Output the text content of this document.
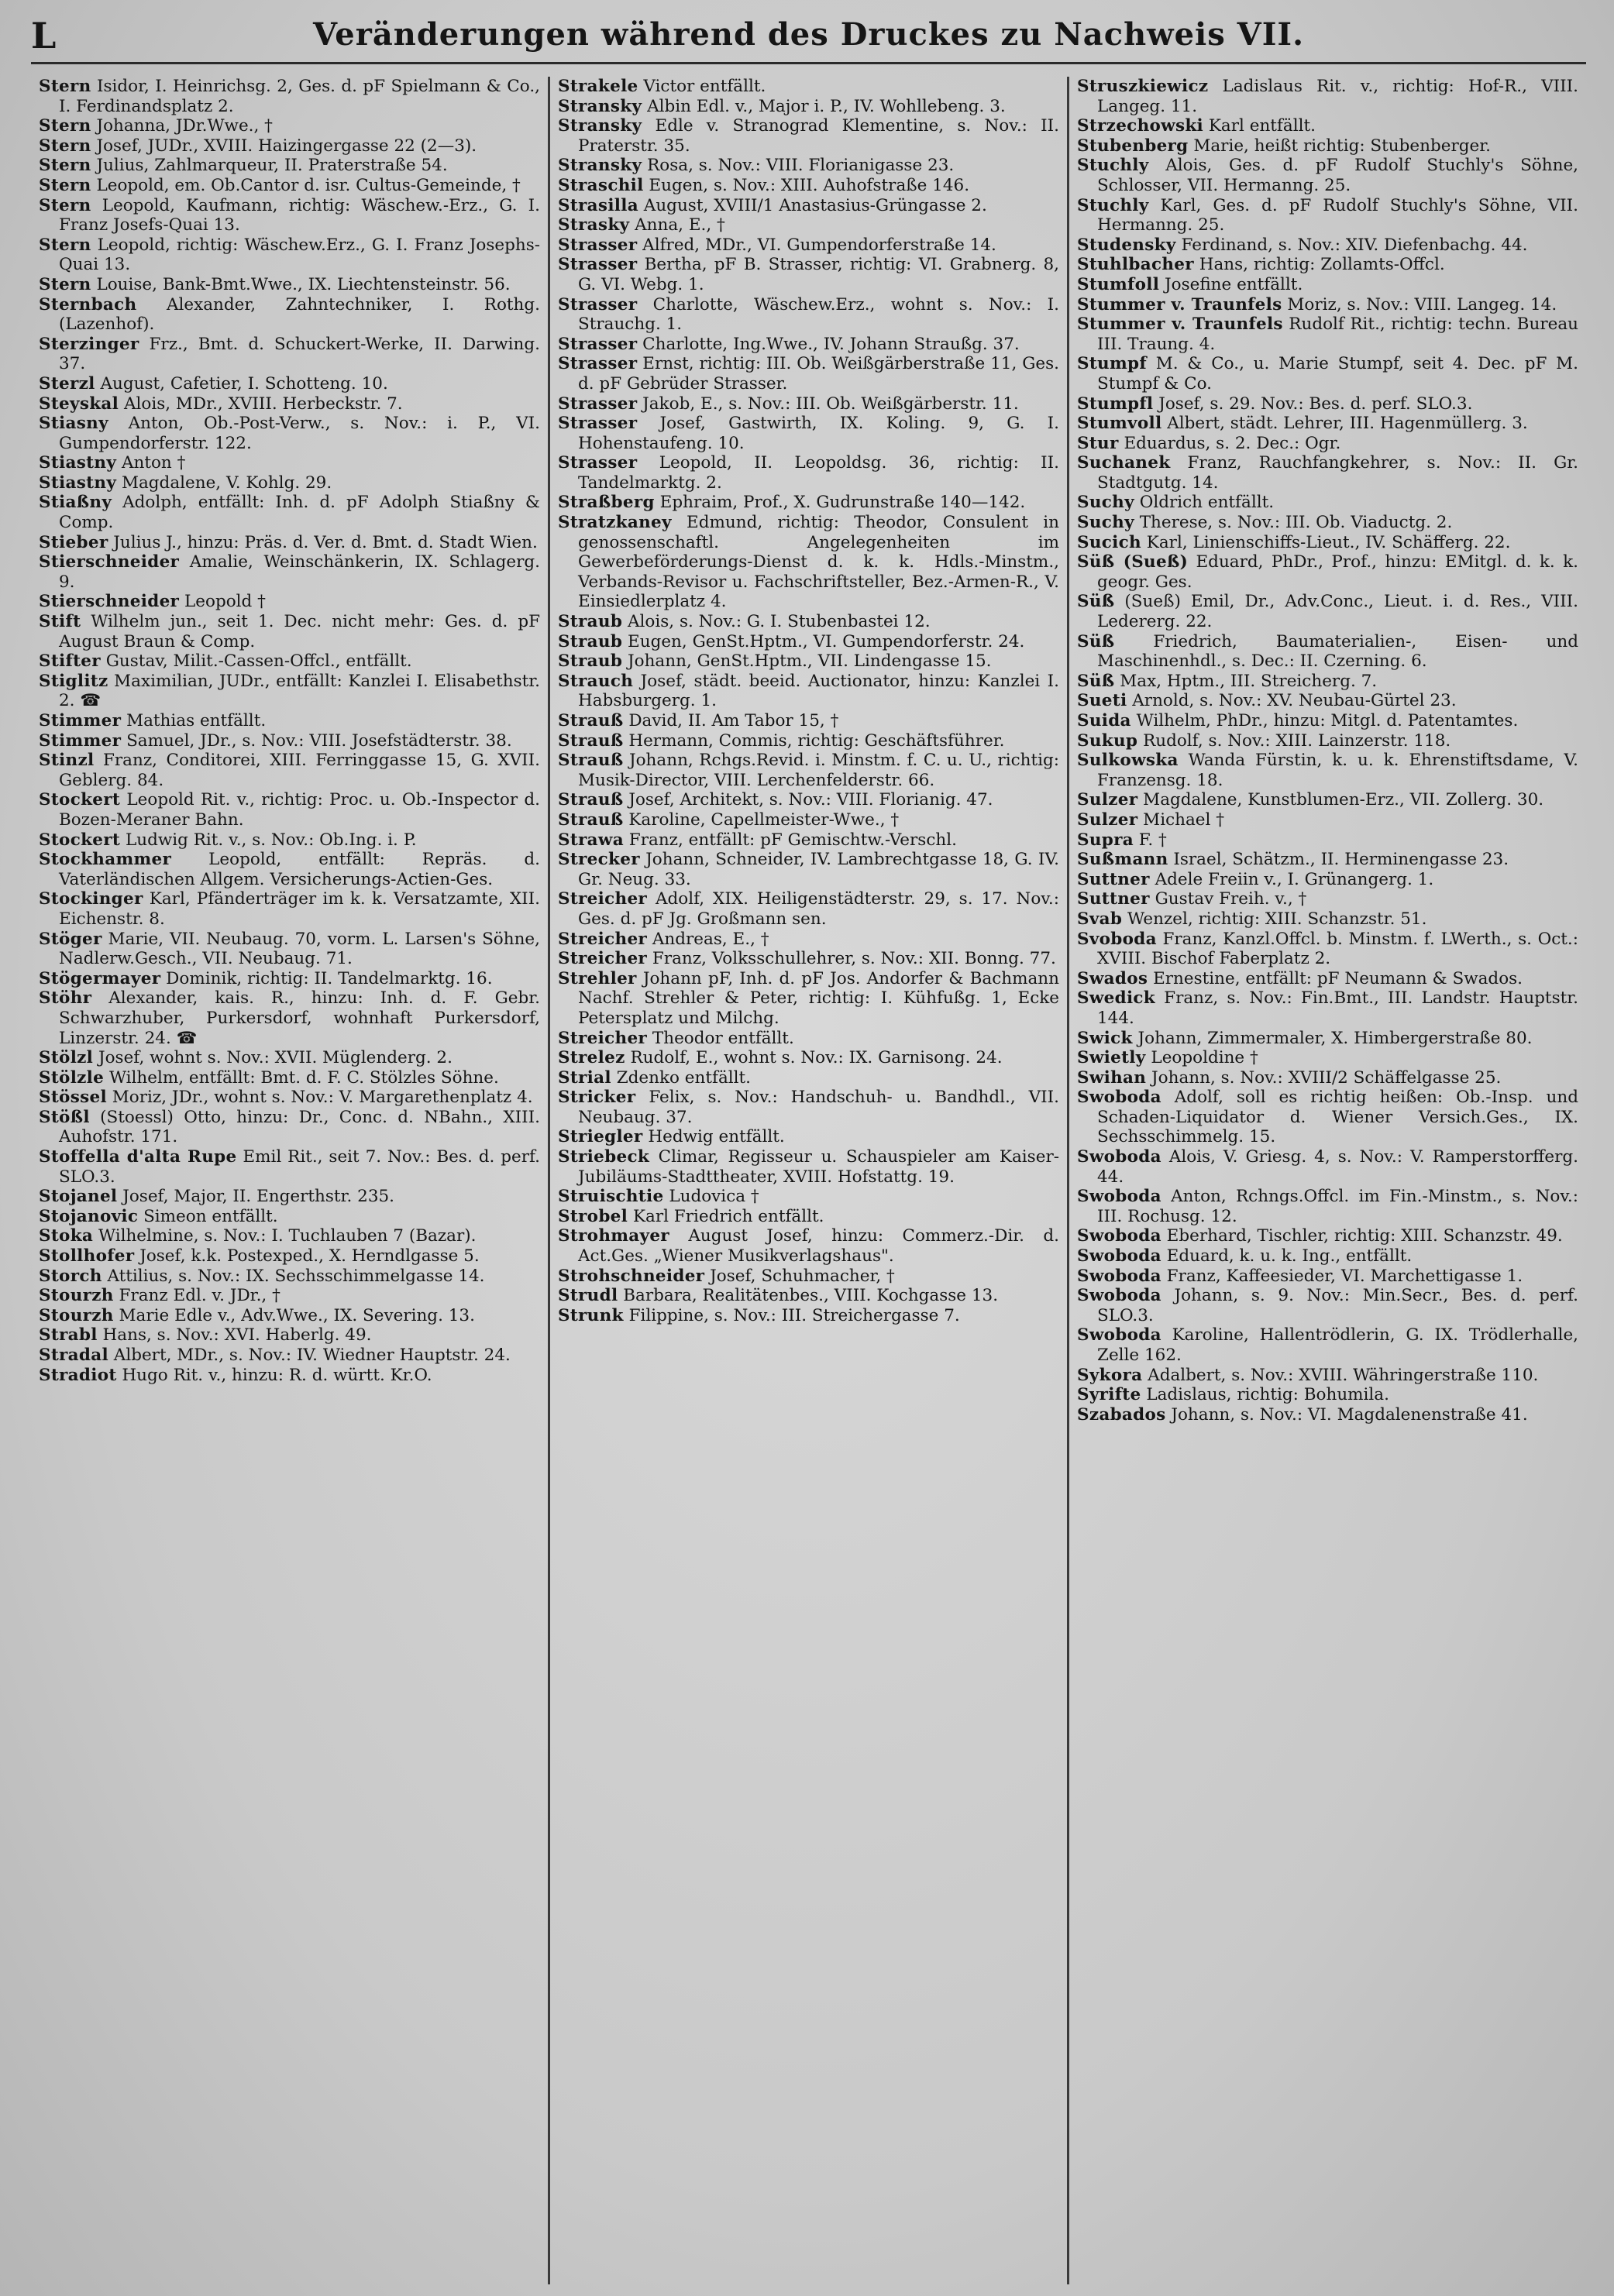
L	Veränderungen während des Druckes zu Nachweis VII.
Stern Isidor, I. Heinrichsg. 2, Ges. d. pF Spielmann & Co., I. Ferdinandsplatz 2.
Stern Johanna, JDr.Wwe., †
Stern Josef, JUDr., XVIII. Haizingergasse 22 (2—3).
Stern Julius, Zahlmarqueur, II. Praterstraße 54.
Stern Leopold, em. Ob.Cantor d. isr. Cultus-Gemeinde, †
Stern Leopold, Kaufmann, richtig: Wäschew.-Erz., G. I. Franz Josefs-Quai 13.
Stern Leopold, richtig: Wäschew.Erz., G. I. Franz Josephs-Quai 13.
Stern Louise, Bank-Bmt.Wwe., IX. Liechtensteinstr. 56.
Sternbach Alexander, Zahntechniker, I. Rothg. (Lazenhof).
Sterzinger Frz., Bmt. d. Schuckert-Werke, II. Darwing. 37.
Sterzl August, Cafetier, I. Schotteng. 10.
Steyskal Alois, MDr., XVIII. Herbeckstr. 7.
Stiasny Anton, Ob.-Post-Verw., s. Nov.: i. P., VI. Gumpendorferstr. 122.
Stiastny Anton †
Stiastny Magdalene, V. Kohlg. 29.
Stiaßny Adolph, entfällt: Inh. d. pF Adolph Stiaßny & Comp.
Stieber Julius J., hinzu: Präs. d. Ver. d. Bmt. d. Stadt Wien.
Stierschneider Amalie, Weinschänkerin, IX. Schlagerg. 9.
Stierschneider Leopold †
Stift Wilhelm jun., seit 1. Dec. nicht mehr: Ges. d. pF August Braun & Comp.
Stifter Gustav, Milit.-Cassen-Offcl., entfällt.
Stiglitz Maximilian, JUDr., entfällt: Kanzlei I. Elisabethstr. 2. ☎
Stimmer Mathias entfällt.
Stimmer Samuel, JDr., s. Nov.: VIII. Josefstädterstr. 38.
Stinzl Franz, Conditorei, XIII. Ferringgasse 15, G. XVII. Geblerg. 84.
Stockert Leopold Rit. v., richtig: Proc. u. Ob.-Inspector d. Bozen-Meraner Bahn.
Stockert Ludwig Rit. v., s. Nov.: Ob.Ing. i. P.
Stockhammer Leopold, entfällt: Repräs. d. Vaterländischen Allgem. Versicherungs-Actien-Ges.
Stockinger Karl, Pfänderträger im k. k. Versatzamte, XII. Eichenstr. 8.
Stöger Marie, VII. Neubaug. 70, vorm. L. Larsen's Söhne, Nadlerw.Gesch., VII. Neubaug. 71.
Stögermayer Dominik, richtig: II. Tandelmarktg. 16.
Stöhr Alexander, kais. R., hinzu: Inh. d. F. Gebr. Schwarzhuber, Purkersdorf, wohnhaft Purkersdorf, Linzerstr. 24. ☎
Stölzl Josef, wohnt s. Nov.: XVII. Müglenderg. 2.
Stölzle Wilhelm, entfällt: Bmt. d. F. C. Stölzles Söhne.
Stössel Moriz, JDr., wohnt s. Nov.: V. Margarethenplatz 4.
Stößl (Stoessl) Otto, hinzu: Dr., Conc. d. NBahn., XIII. Auhofstr. 171.
Stoffella d'alta Rupe Emil Rit., seit 7. Nov.: Bes. d. perf. SLO.3.
Stojanel Josef, Major, II. Engerthstr. 235.
Stojanovic Simeon entfällt.
Stoka Wilhelmine, s. Nov.: I. Tuchlauben 7 (Bazar).
Stollhofer Josef, k.k. Postexped., X. Herndlgasse 5.
Storch Attilius, s. Nov.: IX. Sechsschimmelgasse 14.
Stourzh Franz Edl. v. JDr., †
Stourzh Marie Edle v., Adv.Wwe., IX. Severing. 13.
Strabl Hans, s. Nov.: XVI. Haberlg. 49.
Stradal Albert, MDr., s. Nov.: IV. Wiedner Hauptstr. 24.
Stradiot Hugo Rit. v., hinzu: R. d. württ. Kr.O.
Strakele Victor entfällt.
Stransky Albin Edl. v., Major i. P., IV. Wohllebeng. 3.
Stransky Edle v. Stranograd Klementine, s. Nov.: II. Praterstr. 35.
Stransky Rosa, s. Nov.: VIII. Florianigasse 23.
Straschil Eugen, s. Nov.: XIII. Auhofstraße 146.
Strasilla August, XVIII/1 Anastasius-Grüngasse 2.
Strasky Anna, E., †
Strasser Alfred, MDr., VI. Gumpendorferstraße 14.
Strasser Bertha, pF B. Strasser, richtig: VI. Grabnerg. 8, G. VI. Webg. 1.
Strasser Charlotte, Wäschew.Erz., wohnt s. Nov.: I. Strauchg. 1.
Strasser Charlotte, Ing.Wwe., IV. Johann Straußg. 37.
Strasser Ernst, richtig: III. Ob. Weißgärberstraße 11, Ges. d. pF Gebrüder Strasser.
Strasser Jakob, E., s. Nov.: III. Ob. Weißgärberstr. 11.
Strasser Josef, Gastwirth, IX. Koling. 9, G. I. Hohenstaufeng. 10.
Strasser Leopold, II. Leopoldsg. 36, richtig: II. Tandelmarktg. 2.
Straßberg Ephraim, Prof., X. Gudrunstraße 140—142.
Stratzkaney Edmund, richtig: Theodor, Consulent in genossenschaftl. Angelegenheiten im Gewerbeförderungs-Dienst d. k. k. Hdls.-Minstm., Verbands-Revisor u. Fachschriftsteller, Bez.-Armen-R., V. Einsiedlerplatz 4.
Straub Alois, s. Nov.: G. I. Stubenbastei 12.
Straub Eugen, GenSt.Hptm., VI. Gumpendorferstr. 24.
Straub Johann, GenSt.Hptm., VII. Lindengasse 15.
Strauch Josef, städt. beeid. Auctionator, hinzu: Kanzlei I. Habsburgerg. 1.
Strauß David, II. Am Tabor 15, †
Strauß Hermann, Commis, richtig: Geschäftsführer.
Strauß Johann, Rchgs.Revid. i. Minstm. f. C. u. U., richtig: Musik-Director, VIII. Lerchenfelderstr. 66.
Strauß Josef, Architekt, s. Nov.: VIII. Florianig. 47.
Strauß Karoline, Capellmeister-Wwe., †
Strawa Franz, entfällt: pF Gemischtw.-Verschl.
Strecker Johann, Schneider, IV. Lambrechtgasse 18, G. IV. Gr. Neug. 33.
Streicher Adolf, XIX. Heiligenstädterstr. 29, s. 17. Nov.: Ges. d. pF Jg. Großmann sen.
Streicher Andreas, E., †
Streicher Franz, Volksschullehrer, s. Nov.: XII. Bonng. 77.
Strehler Johann pF, Inh. d. pF Jos. Andorfer & Bachmann Nachf. Strehler & Peter, richtig: I. Kühfußg. 1, Ecke Petersplatz und Milchg.
Streicher Theodor entfällt.
Strelez Rudolf, E., wohnt s. Nov.: IX. Garnisong. 24.
Strial Zdenko entfällt.
Stricker Felix, s. Nov.: Handschuh- u. Bandhdl., VII. Neubaug. 37.
Striegler Hedwig entfällt.
Striebeck Climar, Regisseur u. Schauspieler am Kaiser-Jubiläums-Stadttheater, XVIII. Hofstattg. 19.
Struischtie Ludovica †
Strobel Karl Friedrich entfällt.
Strohmayer August Josef, hinzu: Commerz.-Dir. d. Act.Ges. „Wiener Musikverlagshaus".
Strohschneider Josef, Schuhmacher, †
Strudl Barbara, Realitätenbes., VIII. Kochgasse 13.
Strunk Filippine, s. Nov.: III. Streichergasse 7.
Struszkiewicz Ladislaus Rit. v., richtig: Hof-R., VIII. Langeg. 11.
Strzechowski Karl entfällt.
Stubenberg Marie, heißt richtig: Stubenberger.
Stuchly Alois, Ges. d. pF Rudolf Stuchly's Söhne, Schlosser, VII. Hermanng. 25.
Stuchly Karl, Ges. d. pF Rudolf Stuchly's Söhne, VII. Hermanng. 25.
Studensky Ferdinand, s. Nov.: XIV. Diefenbachg. 44.
Stuhlbacher Hans, richtig: Zollamts-Offcl.
Stumfoll Josefine entfällt.
Stummer v. Traunfels Moriz, s. Nov.: VIII. Langeg. 14.
Stummer v. Traunfels Rudolf Rit., richtig: techn. Bureau III. Traung. 4.
Stumpf M. & Co., u. Marie Stumpf, seit 4. Dec. pF M. Stumpf & Co.
Stumpfl Josef, s. 29. Nov.: Bes. d. perf. SLO.3.
Stumvoll Albert, städt. Lehrer, III. Hagenmüllerg. 3.
Stur Eduardus, s. 2. Dec.: Ogr.
Suchanek Franz, Rauchfangkehrer, s. Nov.: II. Gr. Stadtgutg. 14.
Suchy Oldrich entfällt.
Suchy Therese, s. Nov.: III. Ob. Viaductg. 2.
Sucich Karl, Linienschiffs-Lieut., IV. Schäfferg. 22.
Süß (Sueß) Eduard, PhDr., Prof., hinzu: EMitgl. d. k. k. geogr. Ges.
Süß (Sueß) Emil, Dr., Adv.Conc., Lieut. i. d. Res., VIII. Ledererg. 22.
Süß Friedrich, Baumaterialien-, Eisen- und Maschinenhdl., s. Dec.: II. Czerning. 6.
Süß Max, Hptm., III. Streicherg. 7.
Sueti Arnold, s. Nov.: XV. Neubau-Gürtel 23.
Suida Wilhelm, PhDr., hinzu: Mitgl. d. Patentamtes.
Sukup Rudolf, s. Nov.: XIII. Lainzerstr. 118.
Sulkowska Wanda Fürstin, k. u. k. Ehrenstiftsdame, V. Franzensg. 18.
Sulzer Magdalene, Kunstblumen-Erz., VII. Zollerg. 30.
Sulzer Michael †
Supra F. †
Sußmann Israel, Schätzm., II. Herminengasse 23.
Suttner Adele Freiin v., I. Grünangerg. 1.
Suttner Gustav Freih. v., †
Svab Wenzel, richtig: XIII. Schanzstr. 51.
Svoboda Franz, Kanzl.Offcl. b. Minstm. f. LWerth., s. Oct.: XVIII. Bischof Faberplatz 2.
Swados Ernestine, entfällt: pF Neumann & Swados.
Swedick Franz, s. Nov.: Fin.Bmt., III. Landstr. Hauptstr. 144.
Swick Johann, Zimmermaler, X. Himbergerstraße 80.
Swietly Leopoldine †
Swihan Johann, s. Nov.: XVIII/2 Schäffelgasse 25.
Swoboda Adolf, soll es richtig heißen: Ob.-Insp. und Schaden-Liquidator d. Wiener Versich.Ges., IX. Sechsschimmelg. 15.
Swoboda Alois, V. Griesg. 4, s. Nov.: V. Ramperstorfferg. 44.
Swoboda Anton, Rchngs.Offcl. im Fin.-Minstm., s. Nov.: III. Rochusg. 12.
Swoboda Eberhard, Tischler, richtig: XIII. Schanzstr. 49.
Swoboda Eduard, k. u. k. Ing., entfällt.
Swoboda Franz, Kaffeesieder, VI. Marchettigasse 1.
Swoboda Johann, s. 9. Nov.: Min.Secr., Bes. d. perf. SLO.3.
Swoboda Karoline, Hallentrödlerin, G. IX. Trödlerhalle, Zelle 162.
Sykora Adalbert, s. Nov.: XVIII. Währingerstraße 110.
Syrifte Ladislaus, richtig: Bohumila.
Szabados Johann, s. Nov.: VI. Magdalenenstraße 41.
